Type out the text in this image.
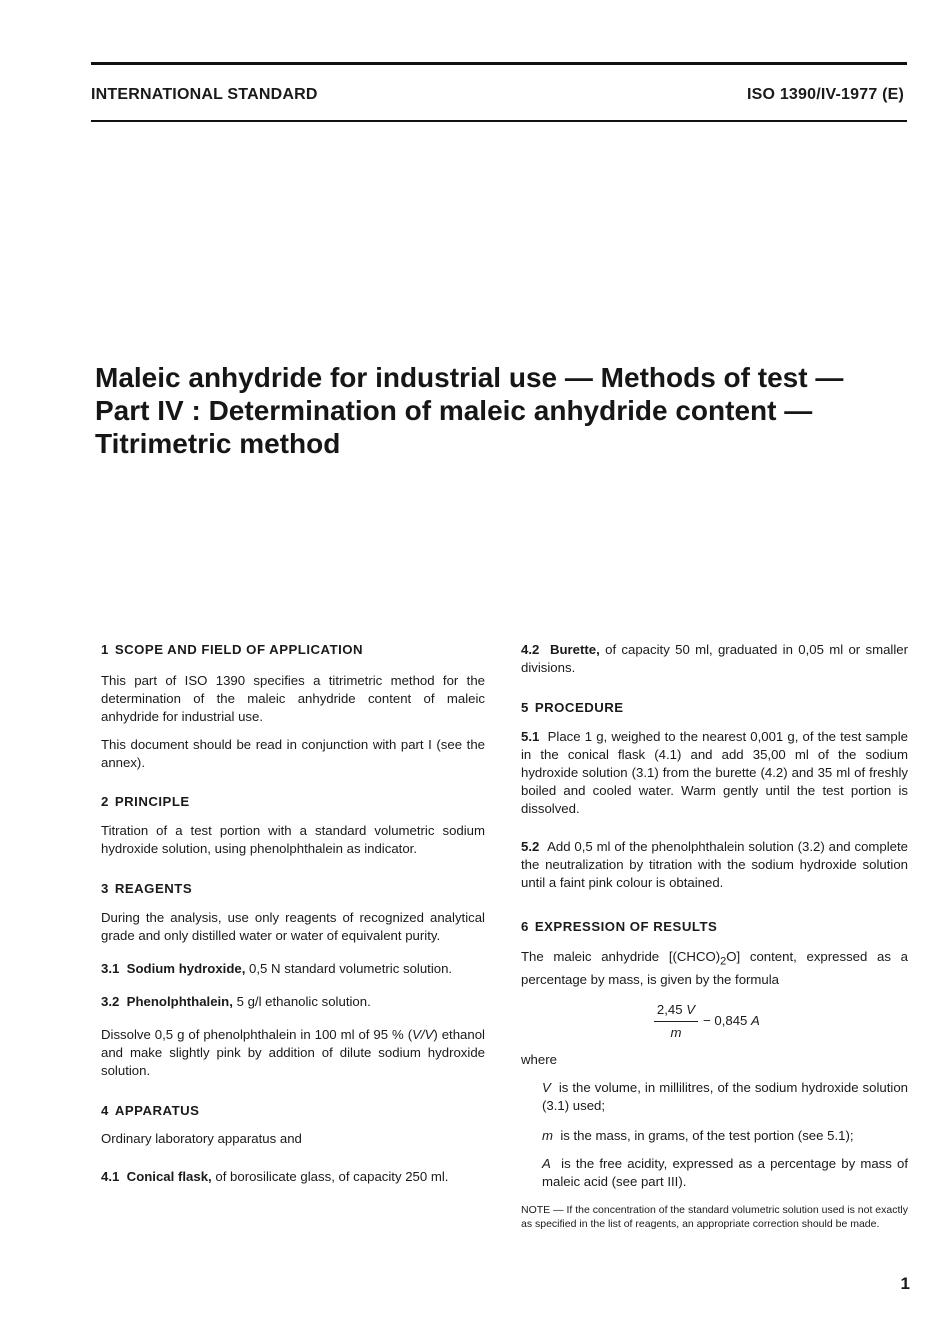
INTERNATIONAL STANDARD	ISO 1390/IV-1977 (E)
Maleic anhydride for industrial use — Methods of test —
Part IV : Determination of maleic anhydride content —
Titrimetric method
1 SCOPE AND FIELD OF APPLICATION

This part of ISO 1390 specifies a titrimetric method for the determination of the maleic anhydride content of maleic anhydride for industrial use.

This document should be read in conjunction with part I (see the annex).

2 PRINCIPLE

Titration of a test portion with a standard volumetric sodium hydroxide solution, using phenolphthalein as indicator.

3 REAGENTS

During the analysis, use only reagents of recognized analytical grade and only distilled water or water of equivalent purity.

3.1 Sodium hydroxide, 0,5 N standard volumetric solution.

3.2 Phenolphthalein, 5 g/l ethanolic solution.

Dissolve 0,5 g of phenolphthalein in 100 ml of 95 % (V/V) ethanol and make slightly pink by addition of dilute sodium hydroxide solution.

4 APPARATUS

Ordinary laboratory apparatus and

4.1 Conical flask, of borosilicate glass, of capacity 250 ml.

4.2 Burette, of capacity 50 ml, graduated in 0,05 ml or smaller divisions.

5 PROCEDURE

5.1 Place 1 g, weighed to the nearest 0,001 g, of the test sample in the conical flask (4.1) and add 35,00 ml of the sodium hydroxide solution (3.1) from the burette (4.2) and 35 ml of freshly boiled and cooled water. Warm gently until the test portion is dissolved.

5.2 Add 0,5 ml of the phenolphthalein solution (3.2) and complete the neutralization by titration with the sodium hydroxide solution until a faint pink colour is obtained.

6 EXPRESSION OF RESULTS

The maleic anhydride $[(CHCO)_2O]$ content, expressed as a percentage by mass, is given by the formula

$\frac{2,45 V}{m} - 0,845$ A

where

V is the volume, in millilitres, of the sodium hydroxide solution (3.1) used;

m is the mass, in grams, of the test portion (see 5.1);

A is the free acidity, expressed as a percentage by mass of maleic acid (see part III).

NOTE — If the concentration of the standard volumetric solution used is not exactly as specified in the list of reagents, an appropriate correction should be made.

1
